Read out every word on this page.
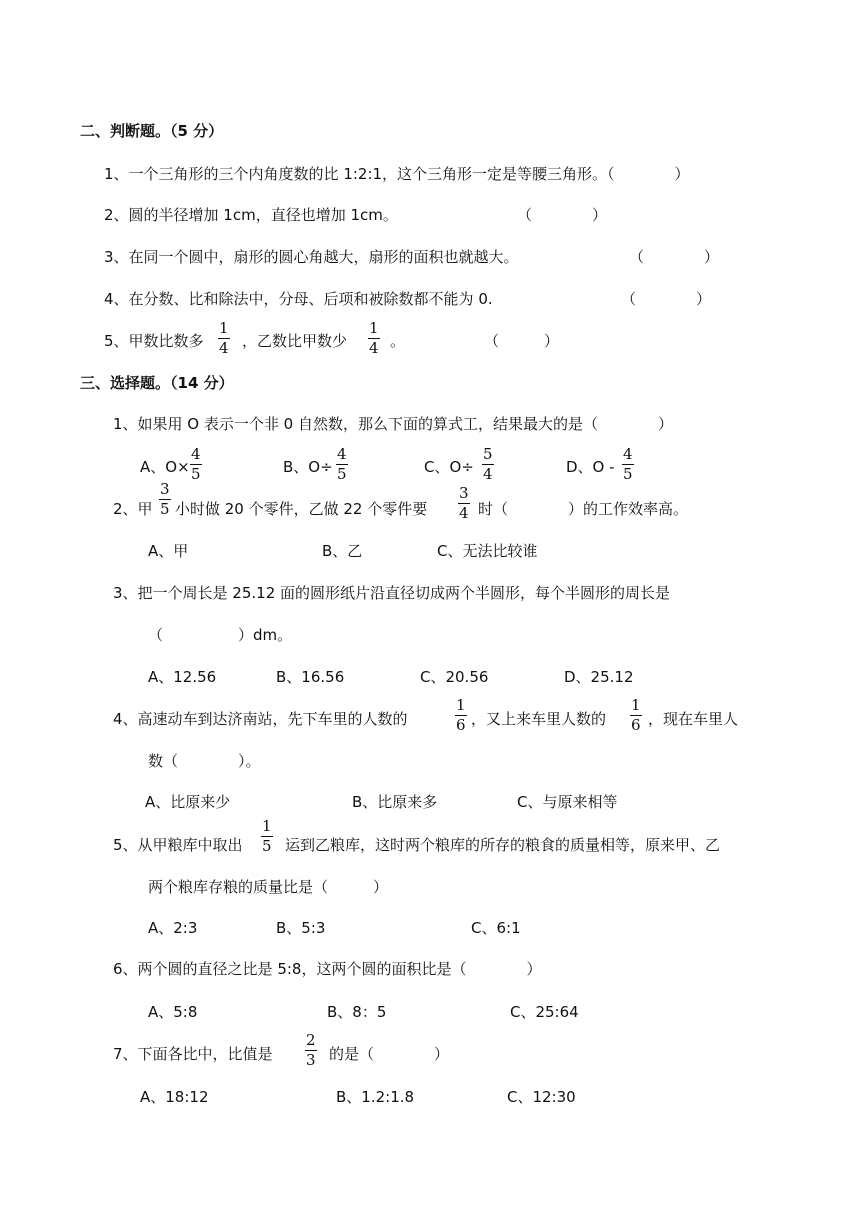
二、判断题。（5 分）
1、一个三角形的三个内角度数的比 1:2:1，这个三角形一定是等腰三角形。（　　　　）
2、圆的半径增加 1cm，直径也增加 1cm。	（　　　　）
3、在同一个圆中，扇形的圆心角越大，扇形的面积也就越大。	（　　　　）
4、在分数、比和除法中，分母、后项和被除数都不能为 0.	（　　　　）
5、甲数比数多
1
4 ，乙数比甲数少
1
4 。	（　　　）
三、选择题。（14 分）
1、如果用 O 表示一个非 0 自然数，那么下面的算式工，结果最大的是（　　　　）
A、O×
4
5	B、O÷
4
5	C、O÷
5
4	D、O -
4
5
2、甲
3
5 小时做 20 个零件，乙做 22 个零件要
3
4 时（　　　　）的工作效率高。
A、甲	B、乙	C、无法比较谁
3、把一个周长是 25.12 面的圆形纸片沿直径切成两个半圆形，每个半圆形的周长是
（　　　　　）dm。
A、12.56	B、16.56	C、20.56	D、25.12
4、高速动车到达济南站，先下车里的人数的
1
6 ，又上来车里人数的
1
6 ，现在车里人
数（　　　　）。
A、比原来少	B、比原来多	C、与原来相等
5、从甲粮库中取出
1
5 运到乙粮库，这时两个粮库的所存的粮食的质量相等，原来甲、乙
两个粮库存粮的质量比是（　　　）
A、2:3	B、5:3	C、6:1
6、两个圆的直径之比是 5:8，这两个圆的面积比是（　　　　）
A、5:8	B、8：5	C、25:64
7、下面各比中，比值是
2
3 的是（　　　　）
A、18:12	B、1.2:1.8	C、12:30
